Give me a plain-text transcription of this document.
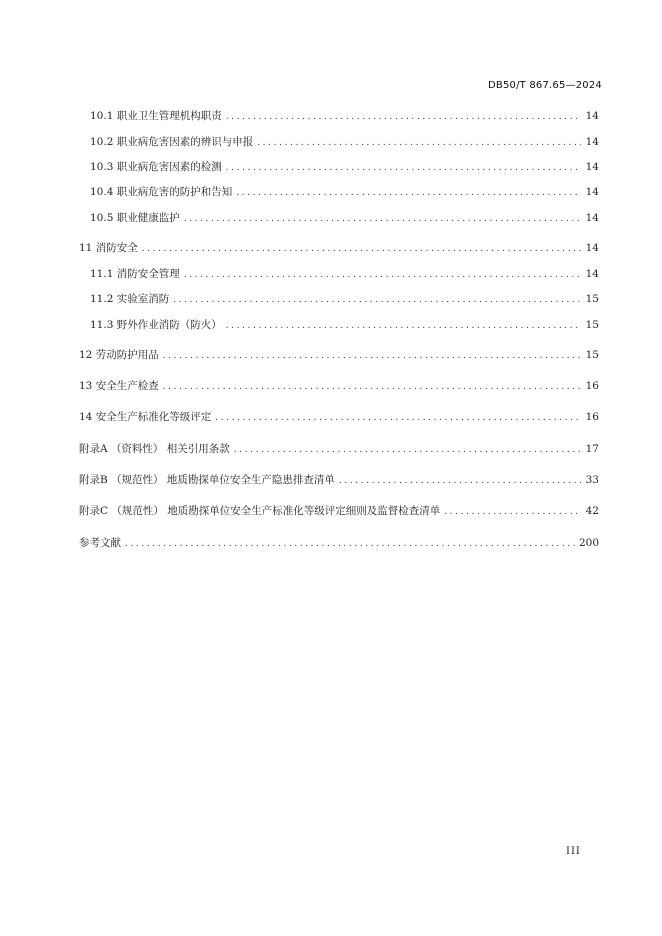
DB50/T 867.65—2024
10.1 职业卫生管理机构职责 .....	14
10.2 职业病危害因素的辨识与申报 .....	14
10.3 职业病危害因素的检测 .....	14
10.4 职业病危害的防护和告知 .....	14
10.5 职业健康监护 .....	14
11 消防安全 .....	14
11.1 消防安全管理 .....	14
11.2 实验室消防 .....	15
11.3 野外作业消防（防火） .....	15
12 劳动防护用品 .....	15
13 安全生产检查 .....	16
14 安全生产标准化等级评定 .....	16
附录A （资料性） 相关引用条款 .....	17
附录B （规范性） 地质勘探单位安全生产隐患排查清单 .....	33
附录C （规范性） 地质勘探单位安全生产标准化等级评定细则及监督检查清单 .....	42
参考文献 .....	200
III
